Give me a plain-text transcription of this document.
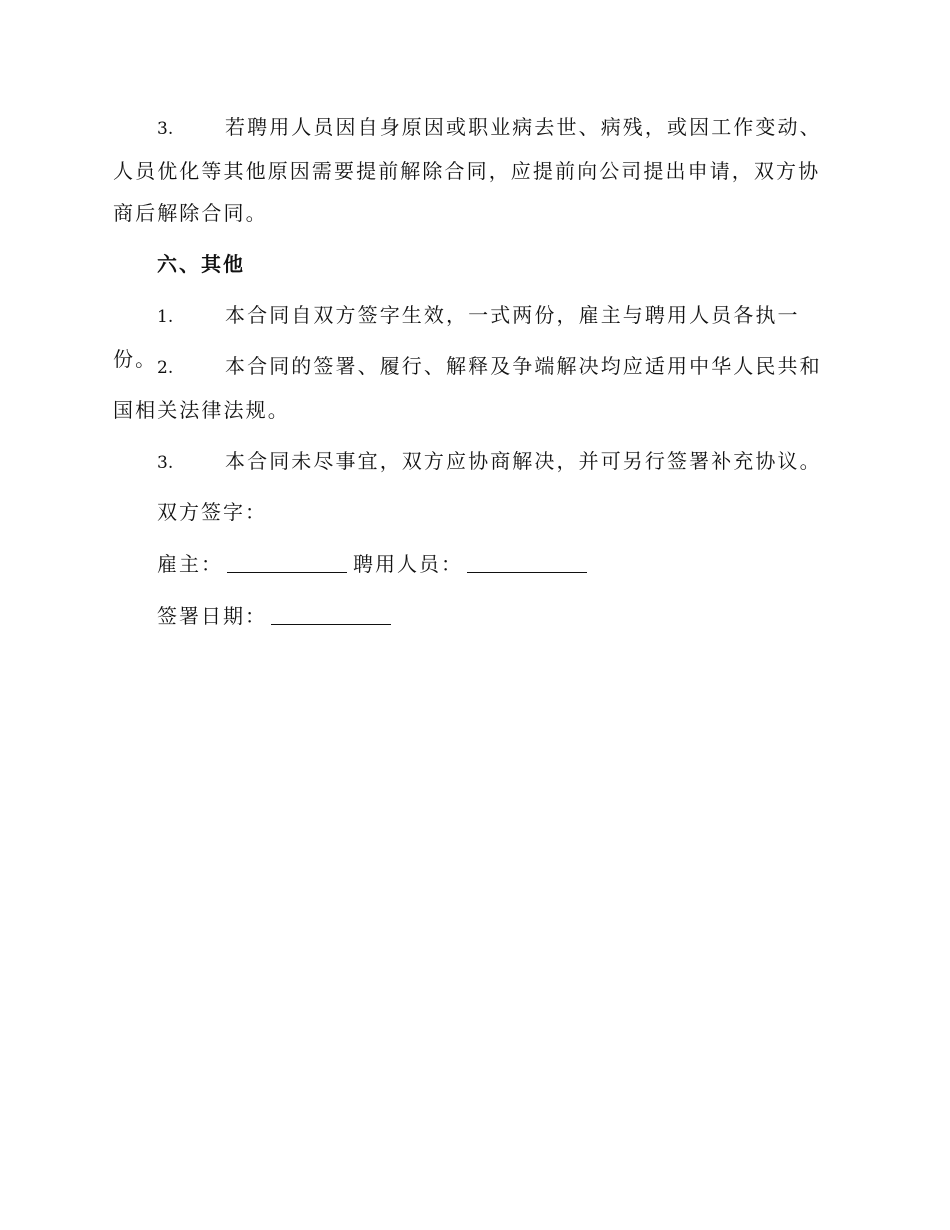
3.	若聘用人员因自身原因或职业病去世、病残，或因工作变动、人员优化等其他原因需要提前解除合同，应提前向公司提出申请，双方协商后解除合同。
六、其他
1.	本合同自双方签字生效，一式两份，雇主与聘用人员各执一份。 2.	本合同的签署、履行、解释及争端解决均应适用中华人民共和国相关法律法规。
3.	本合同未尽事宜，双方应协商解决，并可另行签署补充协议。
双方签字：
雇主：	聘用人员：
签署日期：
